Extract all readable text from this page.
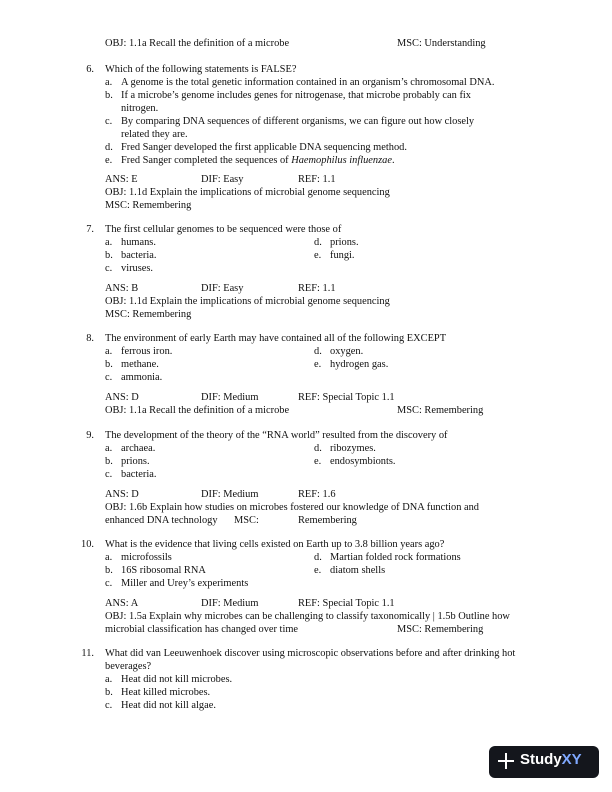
OBJ: 1.1a Recall the definition of a microbe	MSC: Understanding
6. Which of the following statements is FALSE?
a. A genome is the total genetic information contained in an organism’s chromosomal DNA.
b. If a microbe’s genome includes genes for nitrogenase, that microbe probably can fix
nitrogen.
c. By comparing DNA sequences of different organisms, we can figure out how closely
related they are.
d. Fred Sanger developed the first applicable DNA sequencing method.
e. Fred Sanger completed the sequences of Haemophilus influenzae.
ANS: E	DIF: Easy	REF: 1.1
OBJ: 1.1d Explain the implications of microbial genome sequencing
MSC: Remembering
7. The first cellular genomes to be sequenced were those of
a. humans.	d. prions.
b. bacteria.	e. fungi.
c. viruses.
ANS: B	DIF: Easy	REF: 1.1
OBJ: 1.1d Explain the implications of microbial genome sequencing
MSC: Remembering
8. The environment of early Earth may have contained all of the following EXCEPT
a. ferrous iron.	d. oxygen.
b. methane.	e. hydrogen gas.
c. ammonia.
ANS: D	DIF: Medium	REF: Special Topic 1.1
OBJ: 1.1a Recall the definition of a microbe	MSC: Remembering
9. The development of the theory of the “RNA world” resulted from the discovery of
a. archaea.	d. ribozymes.
b. prions.	e. endosymbionts.
c. bacteria.
ANS: D	DIF: Medium	REF: 1.6
OBJ: 1.6b Explain how studies on microbes fostered our knowledge of DNA function and
enhanced DNA technology MSC:	Remembering
10. What is the evidence that living cells existed on Earth up to 3.8 billion years ago?
a. microfossils	d. Martian folded rock formations
b. 16S ribosomal RNA	e. diatom shells
c. Miller and Urey’s experiments
ANS: A	DIF: Medium	REF: Special Topic 1.1
OBJ: 1.5a Explain why microbes can be challenging to classify taxonomically | 1.5b Outline how
microbial classification has changed over time	MSC: Remembering
11. What did van Leeuwenhoek discover using microscopic observations before and after drinking hot
beverages?
a. Heat did not kill microbes.
b. Heat killed microbes.
c. Heat did not kill algae.
StudyXY
